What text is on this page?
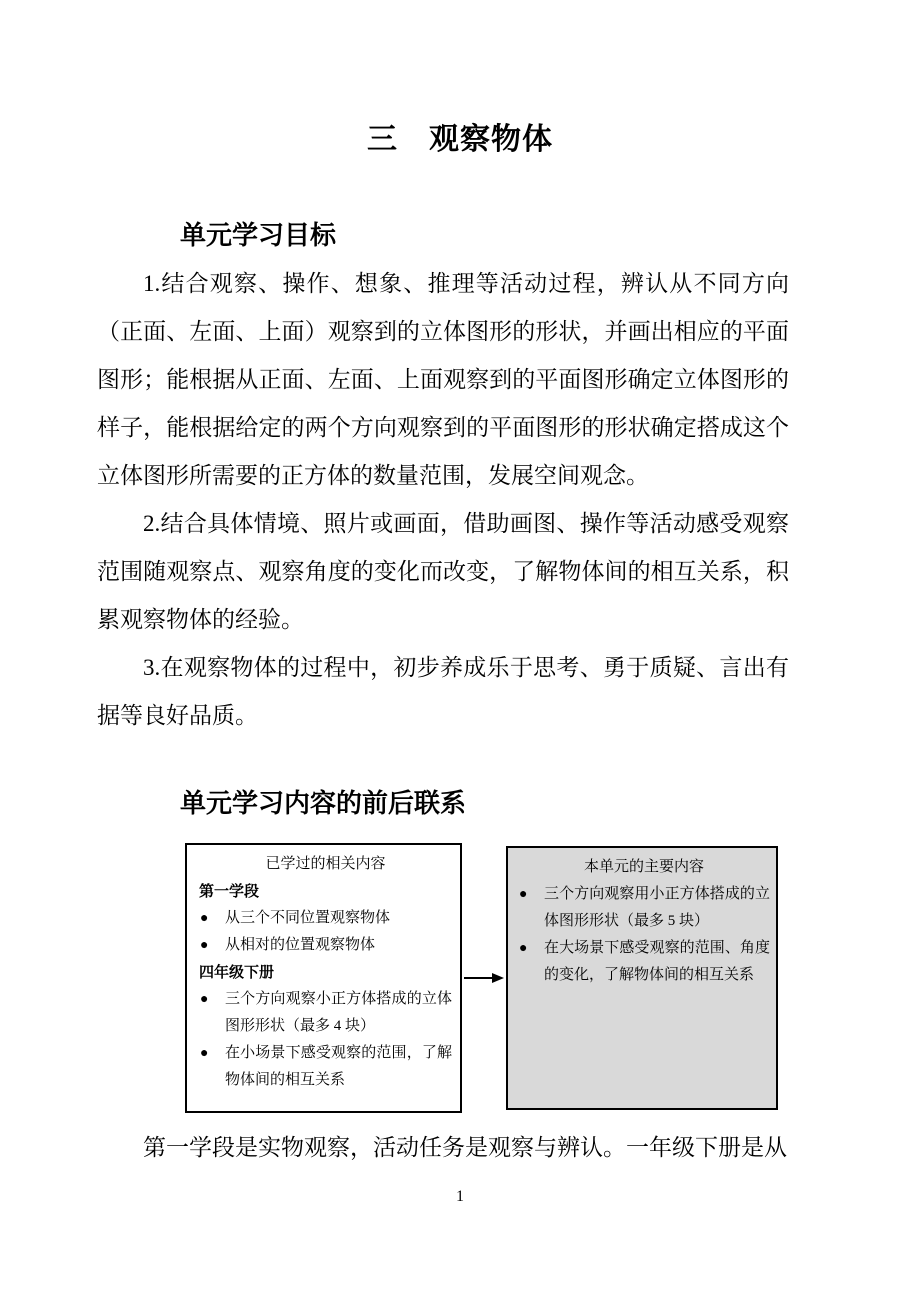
三　观察物体
单元学习目标

1.结合观察、操作、想象、推理等活动过程，辨认从不同方向（正面、左面、上面）观察到的立体图形的形状，并画出相应的平面图形；能根据从正面、左面、上面观察到的平面图形确定立体图形的样子，能根据给定的两个方向观察到的平面图形的形状确定搭成这个立体图形所需要的正方体的数量范围，发展空间观念。

2.结合具体情境、照片或画面，借助画图、操作等活动感受观察范围随观察点、观察角度的变化而改变，了解物体间的相互关系，积累观察物体的经验。

3.在观察物体的过程中，初步养成乐于思考、勇于质疑、言出有据等良好品质。

单元学习内容的前后联系
已学过的相关内容
第一学段
● 从三个不同位置观察物体
● 从相对的位置观察物体
四年级下册
● 三个方向观察小正方体搭成的立体图形形状（最多 4 块）
● 在小场景下感受观察的范围，了解物体间的相互关系
本单元的主要内容
● 三个方向观察用小正方体搭成的立体图形形状（最多 5 块）
● 在大场景下感受观察的范围、角度的变化，了解物体间的相互关系

第一学段是实物观察，活动任务是观察与辨认。一年级下册是从

1
